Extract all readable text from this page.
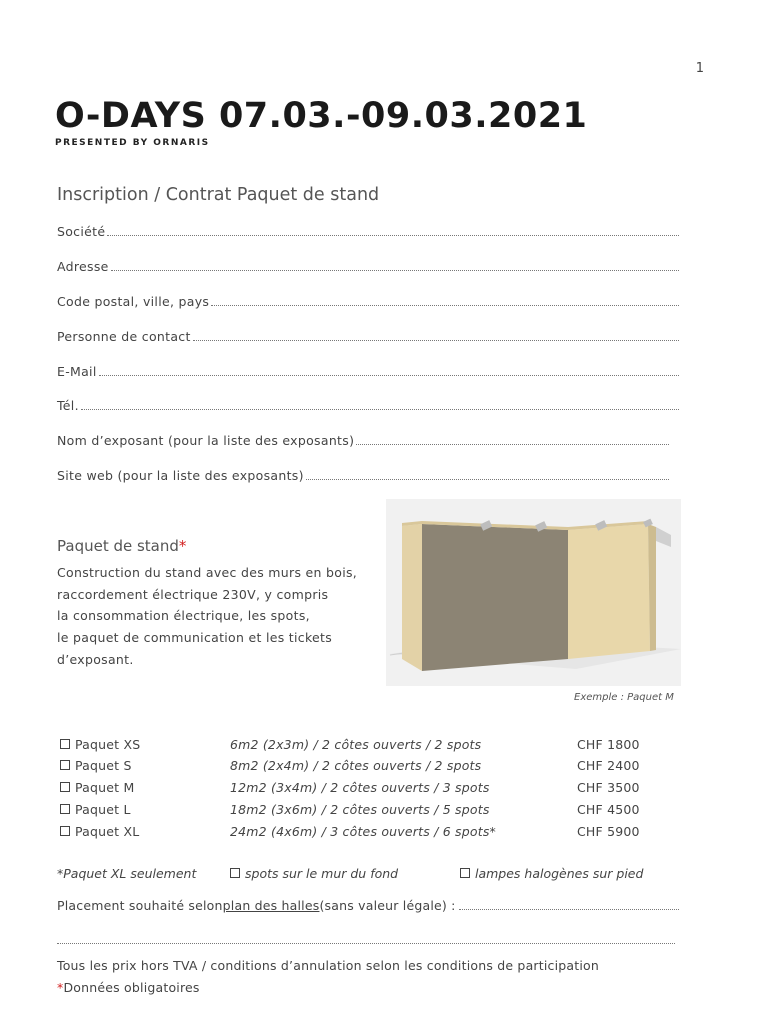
1
O-DAYS 07.03.-09.03.2021
PRESENTED BY ORNARIS
Inscription / Contrat Paquet de stand
Société
Adresse
Code postal, ville, pays
Personne de contact
E-Mail
Tél.
Nom d’exposant (pour la liste des exposants)
Site web (pour la liste des exposants)
Paquet de stand*
Construction du stand avec des murs en bois,
raccordement électrique 230V, y compris
la consommation électrique, les spots,
le paquet de communication et les tickets
d’exposant.
Exemple : Paquet M
Paquet XS	6m2 (2x3m) / 2 côtes ouverts / 2 spots	CHF 1800
Paquet S	8m2 (2x4m) / 2 côtes ouverts / 2 spots	CHF 2400
Paquet M	12m2 (3x4m) / 2 côtes ouverts / 3 spots	CHF 3500
Paquet L	18m2 (3x6m) / 2 côtes ouverts / 5 spots	CHF 4500
Paquet XL	24m2 (4x6m) / 3 côtes ouverts / 6 spots*	CHF 5900
*Paquet XL seulement	spots sur le mur du fond	lampes halogènes sur pied
Placement souhaité selon plan des halles (sans valeur légale) :
Tous les prix hors TVA / conditions d’annulation selon les conditions de participation
*Données obligatoires
